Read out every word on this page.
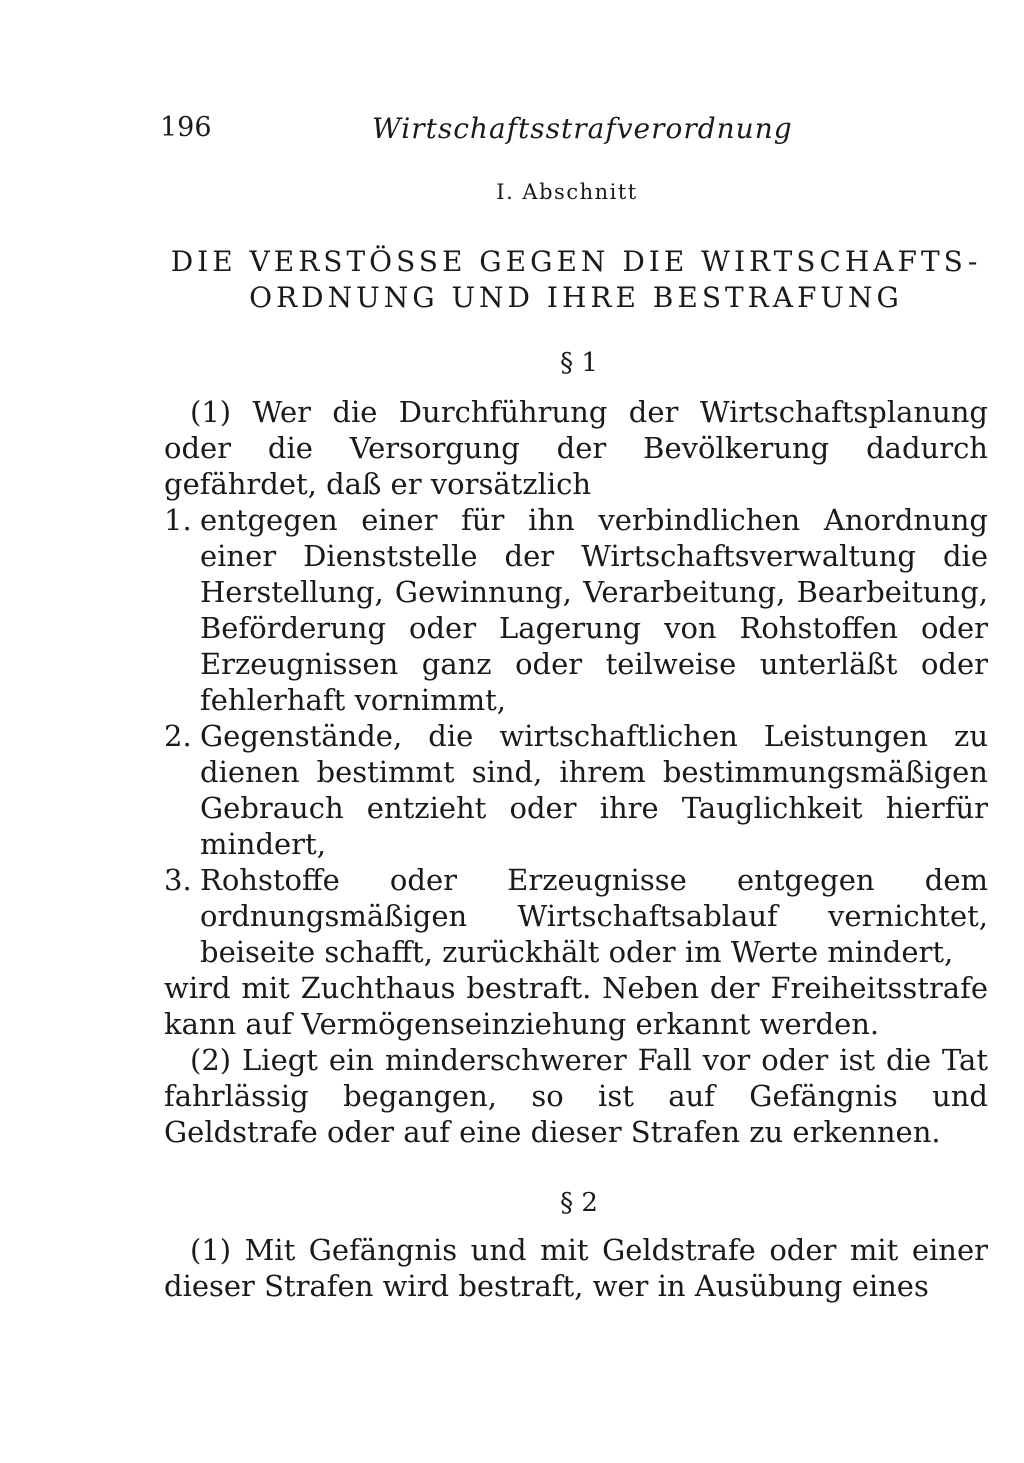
196	Wirtschaftsstrafverordnung
I. Abschnitt
DIE VERSTÖSSE GEGEN DIE WIRTSCHAFTS-
ORDNUNG UND IHRE BESTRAFUNG
§ 1

(1) Wer die Durchführung der Wirtschaftsplanung oder die Versorgung der Bevölkerung dadurch gefährdet, daß er vorsätzlich

1. entgegen einer für ihn verbindlichen Anordnung einer Dienststelle der Wirtschaftsverwaltung die Herstellung, Gewinnung, Verarbeitung, Bearbeitung, Beförderung oder Lagerung von Rohstoffen oder Erzeugnissen ganz oder teilweise unterläßt oder fehlerhaft vornimmt,
2. Gegenstände, die wirtschaftlichen Leistungen zu dienen bestimmt sind, ihrem bestimmungsmäßigen Gebrauch entzieht oder ihre Tauglichkeit hierfür mindert,
3. Rohstoffe oder Erzeugnisse entgegen dem ordnungsmäßigen Wirtschaftsablauf vernichtet, beiseite schafft, zurückhält oder im Werte mindert,

wird mit Zuchthaus bestraft. Neben der Freiheitsstrafe kann auf Vermögenseinziehung erkannt werden.

(2) Liegt ein minderschwerer Fall vor oder ist die Tat fahrlässig begangen, so ist auf Gefängnis und Geldstrafe oder auf eine dieser Strafen zu erkennen.

§ 2

(1) Mit Gefängnis und mit Geldstrafe oder mit einer dieser Strafen wird bestraft, wer in Ausübung eines
